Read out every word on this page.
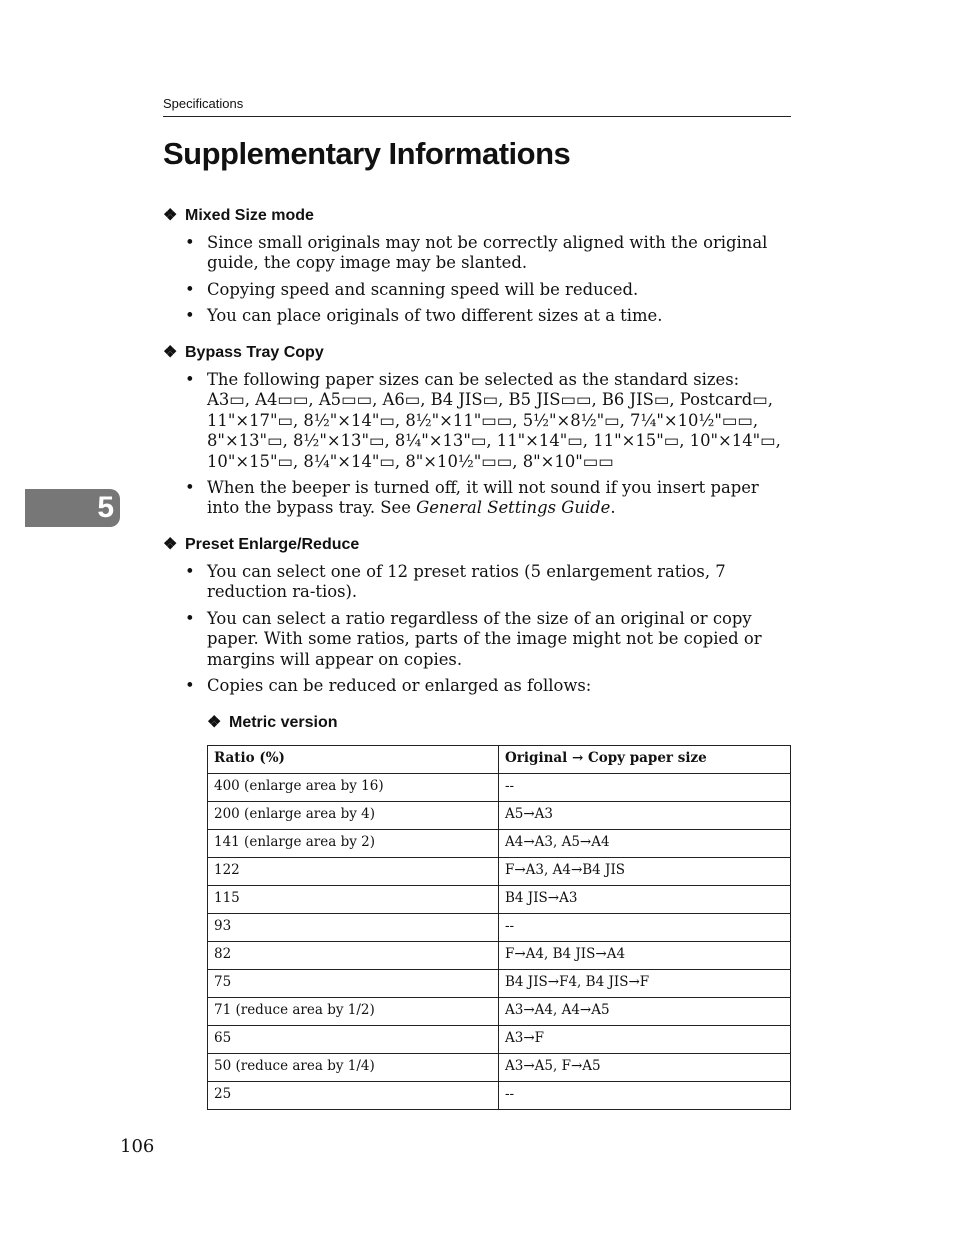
Specifications
Supplementary Informations
5
❖ Mixed Size mode
• Since small originals may not be correctly aligned with the original guide, the copy image may be slanted.
• Copying speed and scanning speed will be reduced.
• You can place originals of two different sizes at a time.
❖ Bypass Tray Copy
• The following paper sizes can be selected as the standard sizes:
A3▭, A4▭▭, A5▭▭, A6▭, B4 JIS▭, B5 JIS▭▭, B6 JIS▭, Postcard▭, 11"×17"▭, 8½"×14"▭, 8½"×11"▭▭, 5½"×8½"▭, 7¼"×10½"▭▭, 8"×13"▭, 8½"×13"▭, 8¼"×13"▭, 11"×14"▭, 11"×15"▭, 10"×14"▭, 10"×15"▭, 8¼"×14"▭, 8"×10½"▭▭, 8"×10"▭▭
• When the beeper is turned off, it will not sound if you insert paper into the bypass tray. See General Settings Guide.
❖ Preset Enlarge/Reduce
• You can select one of 12 preset ratios (5 enlargement ratios, 7 reduction ra-tios).
• You can select a ratio regardless of the size of an original or copy paper. With some ratios, parts of the image might not be copied or margins will appear on copies.
• Copies can be reduced or enlarged as follows:
❖ Metric version
Ratio (%)	Original → Copy paper size
400 (enlarge area by 16)	--
200 (enlarge area by 4)	A5→A3
141 (enlarge area by 2)	A4→A3, A5→A4
122	F→A3, A4→B4 JIS
115	B4 JIS→A3
93	--
82	F→A4, B4 JIS→A4
75	B4 JIS→F4, B4 JIS→F
71 (reduce area by 1/2)	A3→A4, A4→A5
65	A3→F
50 (reduce area by 1/4)	A3→A5, F→A5
25	--
106
